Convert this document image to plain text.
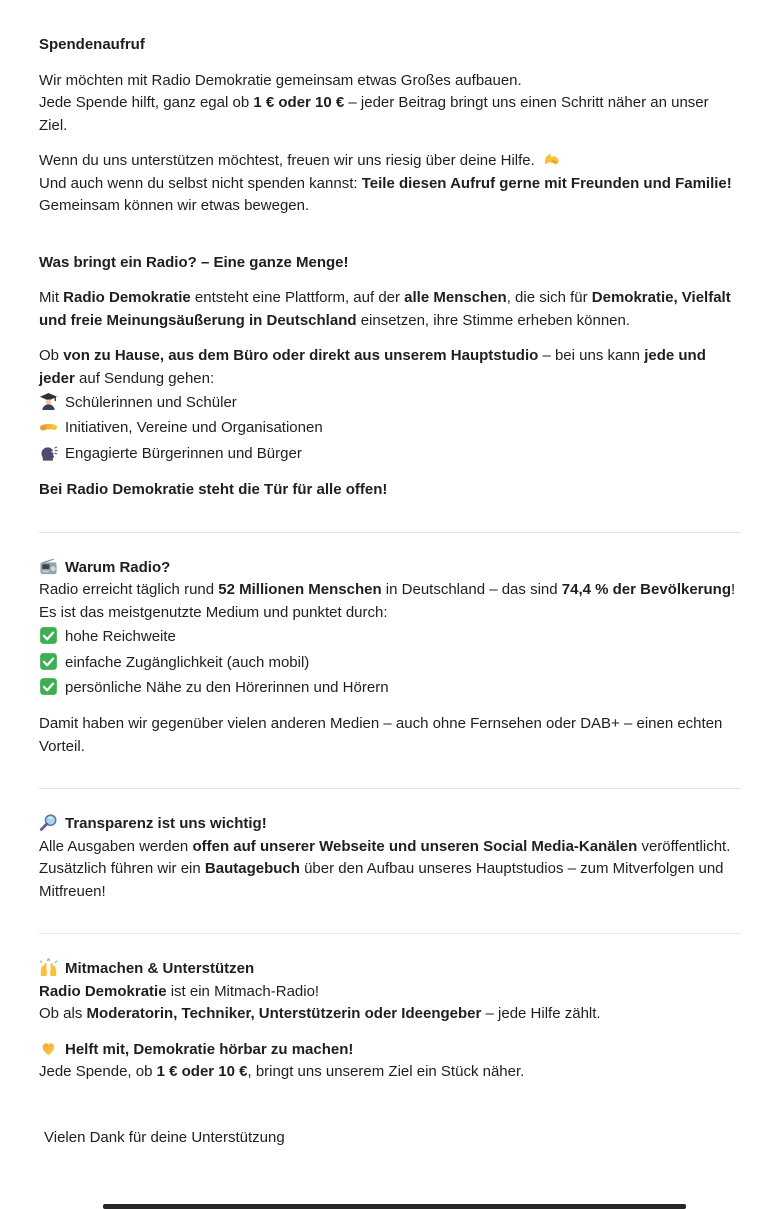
Spendenaufruf

Wir möchten mit Radio Demokratie gemeinsam etwas Großes aufbauen.
Jede Spende hilft, ganz egal ob 1 € oder 10 € – jeder Beitrag bringt uns einen Schritt näher an unser Ziel.

Wenn du uns unterstützen möchtest, freuen wir uns riesig über deine Hilfe.
Und auch wenn du selbst nicht spenden kannst: Teile diesen Aufruf gerne mit Freunden und Familie!
Gemeinsam können wir etwas bewegen.

Was bringt ein Radio? – Eine ganze Menge!

Mit Radio Demokratie entsteht eine Plattform, auf der alle Menschen, die sich für Demokratie, Vielfalt und freie Meinungsäußerung in Deutschland einsetzen, ihre Stimme erheben können.

Ob von zu Hause, aus dem Büro oder direkt aus unserem Hauptstudio – bei uns kann jede und jeder auf Sendung gehen:
Schülerinnen und Schüler
Initiativen, Vereine und Organisationen
Engagierte Bürgerinnen und Bürger

Bei Radio Demokratie steht die Tür für alle offen!

Warum Radio?

Radio erreicht täglich rund 52 Millionen Menschen in Deutschland – das sind 74,4 % der Bevölkerung!
Es ist das meistgenutzte Medium und punktet durch:
hohe Reichweite
einfache Zugänglichkeit (auch mobil)
persönliche Nähe zu den Hörerinnen und Hörern

Damit haben wir gegenüber vielen anderen Medien – auch ohne Fernsehen oder DAB+ – einen echten Vorteil.

Transparenz ist uns wichtig!

Alle Ausgaben werden offen auf unserer Webseite und unseren Social Media-Kanälen veröffentlicht.
Zusätzlich führen wir ein Bautagebuch über den Aufbau unseres Hauptstudios – zum Mitverfolgen und Mitfreuen!

Mitmachen & Unterstützen
Radio Demokratie ist ein Mitmach-Radio!
Ob als Moderatorin, Techniker, Unterstützerin oder Ideengeber – jede Hilfe zählt.

Helft mit, Demokratie hörbar zu machen!
Jede Spende, ob 1 € oder 10 €, bringt uns unserem Ziel ein Stück näher.

Vielen Dank für deine Unterstützung
